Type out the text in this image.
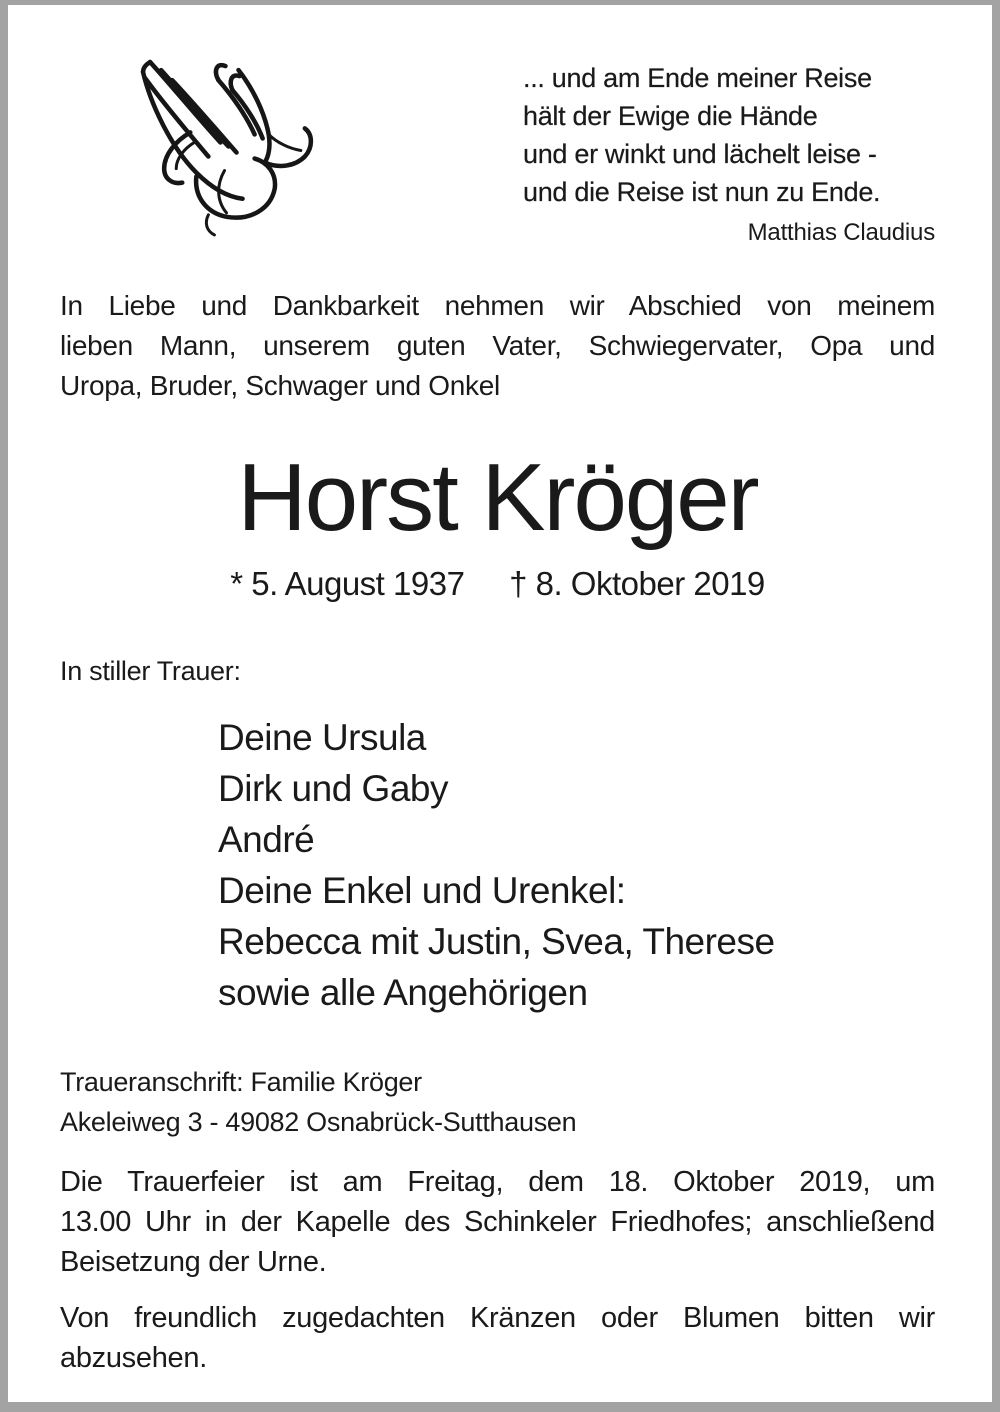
... und am Ende meiner Reise
hält der Ewige die Hände
und er winkt und lächelt leise -
und die Reise ist nun zu Ende.
Matthias Claudius
In Liebe und Dankbarkeit nehmen wir Abschied von meinem
lieben Mann, unserem guten Vater, Schwiegervater, Opa und
Uropa, Bruder, Schwager und Onkel
Horst Kröger
* 5. August 1937 † 8. Oktober 2019
In stiller Trauer:
Deine Ursula
Dirk und Gaby
André
Deine Enkel und Urenkel:
Rebecca mit Justin, Svea, Therese
sowie alle Angehörigen
Traueranschrift: Familie Kröger
Akeleiweg 3 - 49082 Osnabrück-Sutthausen
Die Trauerfeier ist am Freitag, dem 18. Oktober 2019, um
13.00 Uhr in der Kapelle des Schinkeler Friedhofes; anschließend
Beisetzung der Urne.
Von freundlich zugedachten Kränzen oder Blumen bitten wir
abzusehen.
